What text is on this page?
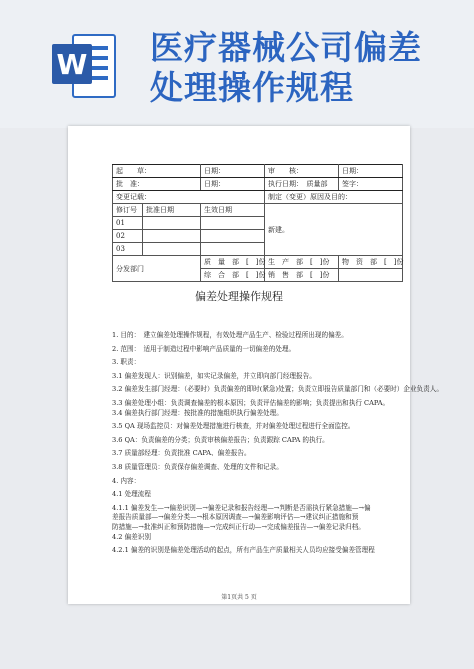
W 医疗器械公司偏差
处理操作规程
起　　草：		日期：	审　　核：	日期：
批　准：		日期：	执行日期：　质量部	签字：
变更记载：			制定（变更）原因及目的：	
修订号	批准日期	生效日期	新建。	
01				
02				
03				
分发部门		质　量　部　[　]份	生　产　部　[　]份	物　资　部　[　]份
		综　合　部　[　]份	销　售　部　[　]份	
偏差处理操作规程

1. 目的：　建立偏差处理操作规程，有效处理产品生产、检验过程所出现的偏差。

2. 范围：　适用于制造过程中影响产品质量的一切偏差的处理。

3. 职责：

3.1 偏差发现人：识别偏差，如实记录偏差，并立即向部门经理报告。

3.2 偏差发生部门经理：（必要时）负责偏差的即时(紧急)处置；负责立即报告质量部门和（必要时）企业负责人。

3.3 偏差处理小组：负责调查偏差的根本原因；负责评估偏差的影响；负责提出和执行 CAPA。

3.4 偏差执行部门经理：按批准的措施组织执行偏差处理。

3.5 QA 现场监控员：对偏差处理措施进行核查，并对偏差处理过程进行全面监控。

3.6 QA：负责偏差的分类；负责审核偏差报告；负责跟踪 CAPA 的执行。

3.7 质量部经理：负责批准 CAPA、偏差报告。

3.8 质量管理员：负责保存偏差调查、处理的文件和记录。

4. 内容：

4.1 处理流程

4.1.1 偏差发生—→偏差识别—→偏差记录和报告经理—→判断是否需执行紧急措施—→偏

差报告质量部—→偏差分类—→根本原因调查—→偏差影响评估—→建议纠正措施和预

防措施—→批准纠正和预防措施—→完成纠正行动—→完成偏差报告—→偏差记录归档。

4.2 偏差识别

4.2.1 偏差的识别是偏差处理活动的起点，所有产品生产质量相关人员均应接受偏差管理程

第1页共 5 页
